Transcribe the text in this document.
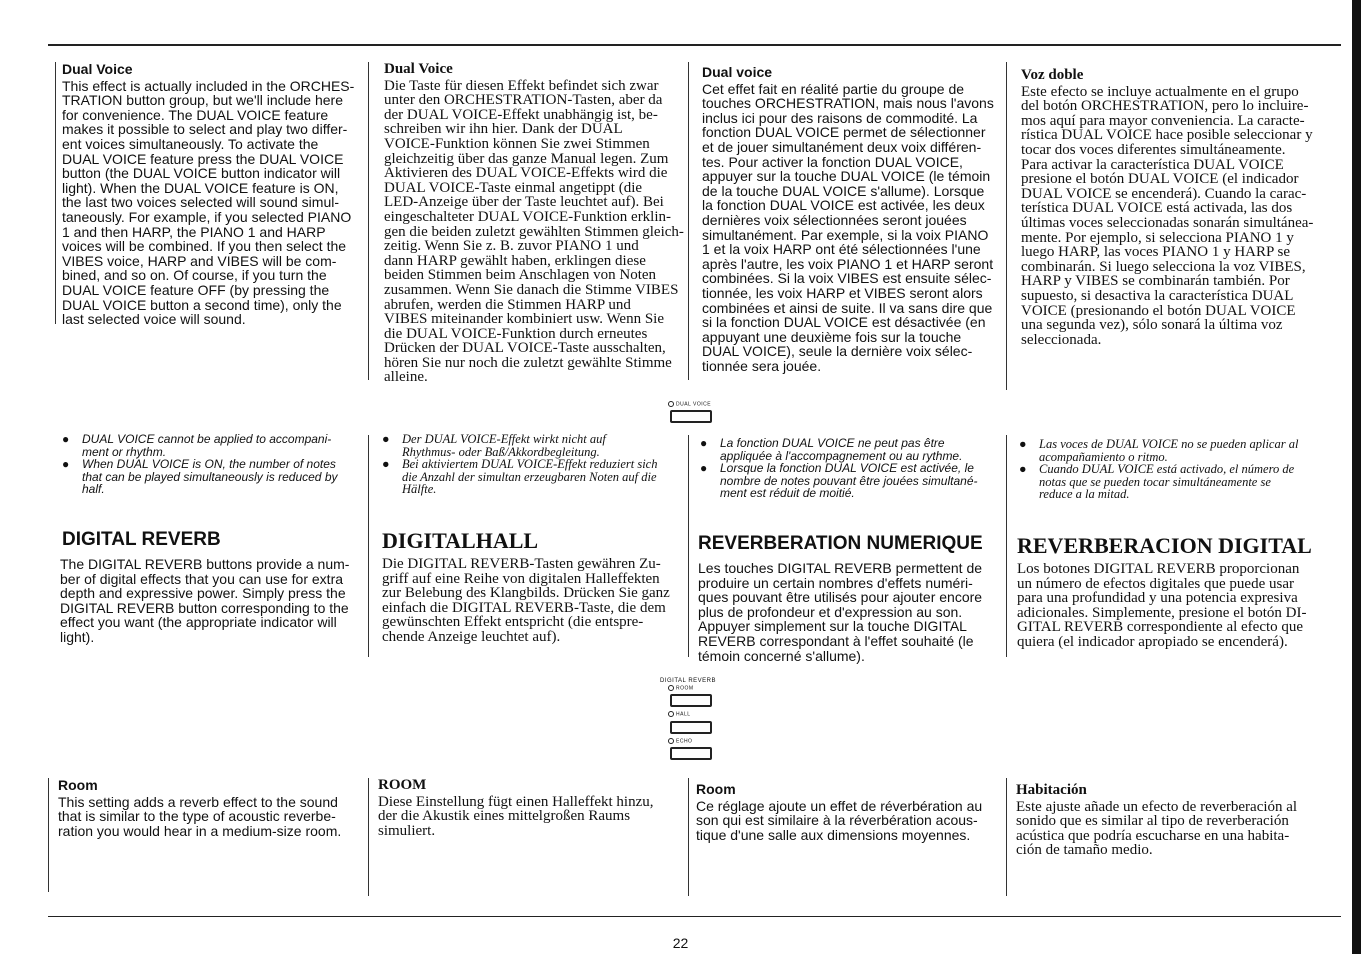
Dual Voice

This effect is actually included in the ORCHES-
TRATION button group, but we'll include here
for convenience. The DUAL VOICE feature
makes it possible to select and play two differ-
ent voices simultaneously. To activate the
DUAL VOICE feature press the DUAL VOICE
button (the DUAL VOICE button indicator will
light). When the DUAL VOICE feature is ON,
the last two voices selected will sound simul-
taneously. For example, if you selected PIANO
1 and then HARP, the PIANO 1 and HARP
voices will be combined. If you then select the
VIBES voice, HARP and VIBES will be com-
bined, and so on. Of course, if you turn the
DUAL VOICE feature OFF (by pressing the
DUAL VOICE button a second time), only the
last selected voice will sound.

● DUAL VOICE cannot be applied to accompani-
ment or rhythm.

● When DUAL VOICE is ON, the number of notes
that can be played simultaneously is reduced by
half.

DIGITAL REVERB

The DIGITAL REVERB buttons provide a num-
ber of digital effects that you can use for extra
depth and expressive power. Simply press the
DIGITAL REVERB button corresponding to the
effect you want (the appropriate indicator will
light).

Room

This setting adds a reverb effect to the sound
that is similar to the type of acoustic reverbe-
ration you would hear in a medium-size room.

Dual Voice

Die Taste für diesen Effekt befindet sich zwar
unter den ORCHESTRATION-Tasten, aber da
der DUAL VOICE-Effekt unabhängig ist, be-
schreiben wir ihn hier. Dank der DUAL
VOICE-Funktion können Sie zwei Stimmen
gleichzeitig über das ganze Manual legen. Zum
Aktivieren des DUAL VOICE-Effekts wird die
DUAL VOICE-Taste einmal angetippt (die
LED-Anzeige über der Taste leuchtet auf). Bei
eingeschalteter DUAL VOICE-Funktion erklin-
gen die beiden zuletzt gewählten Stimmen gleich-
zeitig. Wenn Sie z. B. zuvor PIANO 1 und
dann HARP gewählt haben, erklingen diese
beiden Stimmen beim Anschlagen von Noten
zusammen. Wenn Sie danach die Stimme VIBES
abrufen, werden die Stimmen HARP und
VIBES miteinander kombiniert usw. Wenn Sie
die DUAL VOICE-Funktion durch erneutes
Drücken der DUAL VOICE-Taste ausschalten,
hören Sie nur noch die zuletzt gewählte Stimme
alleine.

● Der DUAL VOICE-Effekt wirkt nicht auf
Rhythmus- oder Baß/Akkordbegleitung.

● Bei aktiviertem DUAL VOICE-Effekt reduziert sich
die Anzahl der simultan erzeugbaren Noten auf die
Hälfte.

DIGITALHALL

Die DIGITAL REVERB-Tasten gewähren Zu-
griff auf eine Reihe von digitalen Halleffekten
zur Belebung des Klangbilds. Drücken Sie ganz
einfach die DIGITAL REVERB-Taste, die dem
gewünschten Effekt entspricht (die entspre-
chende Anzeige leuchtet auf).

ROOM

Diese Einstellung fügt einen Halleffekt hinzu,
der die Akustik eines mittelgroßen Raums
simuliert.

Dual voice

Cet effet fait en réalité partie du groupe de
touches ORCHESTRATION, mais nous l'avons
inclus ici pour des raisons de commodité. La
fonction DUAL VOICE permet de sélectionner
et de jouer simultanément deux voix différen-
tes. Pour activer la fonction DUAL VOICE,
appuyer sur la touche DUAL VOICE (le témoin
de la touche DUAL VOICE s'allume). Lorsque
la fonction DUAL VOICE est activée, les deux
dernières voix sélectionnées seront jouées
simultanément. Par exemple, si la voix PIANO
1 et la voix HARP ont été sélectionnées l'une
après l'autre, les voix PIANO 1 et HARP seront
combinées. Si la voix VIBES est ensuite sélec-
tionnée, les voix HARP et VIBES seront alors
combinées et ainsi de suite. Il va sans dire que
si la fonction DUAL VOICE est désactivée (en
appuyant une deuxième fois sur la touche
DUAL VOICE), seule la dernière voix sélec-
tionnée sera jouée.

● La fonction DUAL VOICE ne peut pas être
appliquée à l'accompagnement ou au rythme.

● Lorsque la fonction DUAL VOICE est activée, le
nombre de notes pouvant être jouées simultané-
ment est réduit de moitié.

REVERBERATION NUMERIQUE

Les touches DIGITAL REVERB permettent de
produire un certain nombres d'effets numéri-
ques pouvant être utilisés pour ajouter encore
plus de profondeur et d'expression au son.
Appuyer simplement sur la touche DIGITAL
REVERB correspondant à l'effet souhaité (le
témoin concerné s'allume).

Room

Ce réglage ajoute un effet de réverbération au
son qui est similaire à la réverbération acous-
tique d'une salle aux dimensions moyennes.

Voz doble

Este efecto se incluye actualmente en el grupo
del botón ORCHESTRATION, pero lo incluire-
mos aquí para mayor conveniencia. La caracte-
rística DUAL VOICE hace posible seleccionar y
tocar dos voces diferentes simultáneamente.
Para activar la característica DUAL VOICE
presione el botón DUAL VOICE (el indicador
DUAL VOICE se encenderá). Cuando la carac-
terística DUAL VOICE está activada, las dos
últimas voces seleccionadas sonarán simultánea-
mente. Por ejemplo, si selecciona PIANO 1 y
luego HARP, las voces PIANO 1 y HARP se
combinarán. Si luego selecciona la voz VIBES,
HARP y VIBES se combinarán también. Por
supuesto, si desactiva la característica DUAL
VOICE (presionando el botón DUAL VOICE
una segunda vez), sólo sonará la última voz
seleccionada.

● Las voces de DUAL VOICE no se pueden aplicar al
acompañamiento o ritmo.

● Cuando DUAL VOICE está activado, el número de
notas que se pueden tocar simultáneamente se
reduce a la mitad.

REVERBERACION DIGITAL

Los botones DIGITAL REVERB proporcionan
un número de efectos digitales que puede usar
para una profundidad y una potencia expresiva
adicionales. Simplemente, presione el botón DI-
GITAL REVERB correspondiente al efecto que
quiera (el indicador apropiado se encenderá).

Habitación

Este ajuste añade un efecto de reverberación al
sonido que es similar al tipo de reverberación
acústica que podría escucharse en una habita-
ción de tamaño medio.

DUAL VOICE
DIGITAL REVERB
ROOM
HALL
ECHO
22
